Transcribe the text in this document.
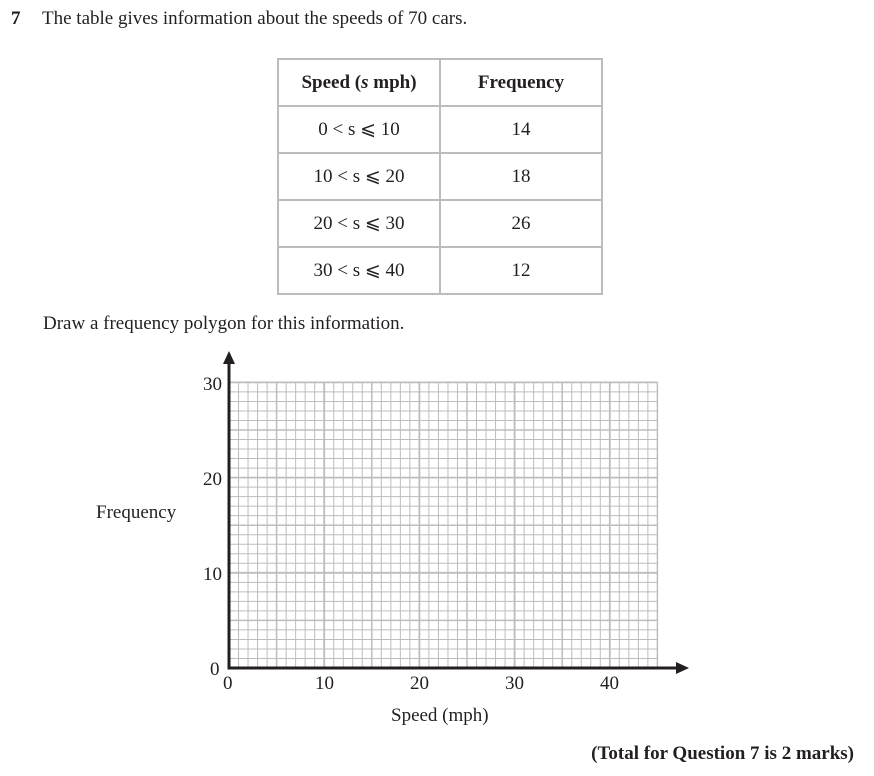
7 The table gives information about the speeds of 70 cars.
Speed (s mph)	Frequency
0 < s ⩽ 10	14
10 < s ⩽ 20	18
20 < s ⩽ 30	26
30 < s ⩽ 40	12
Draw a frequency polygon for this information.
Frequency
30
20
10
0
0	10	20	30	40
Speed (mph)
(Total for Question 7 is 2 marks)
